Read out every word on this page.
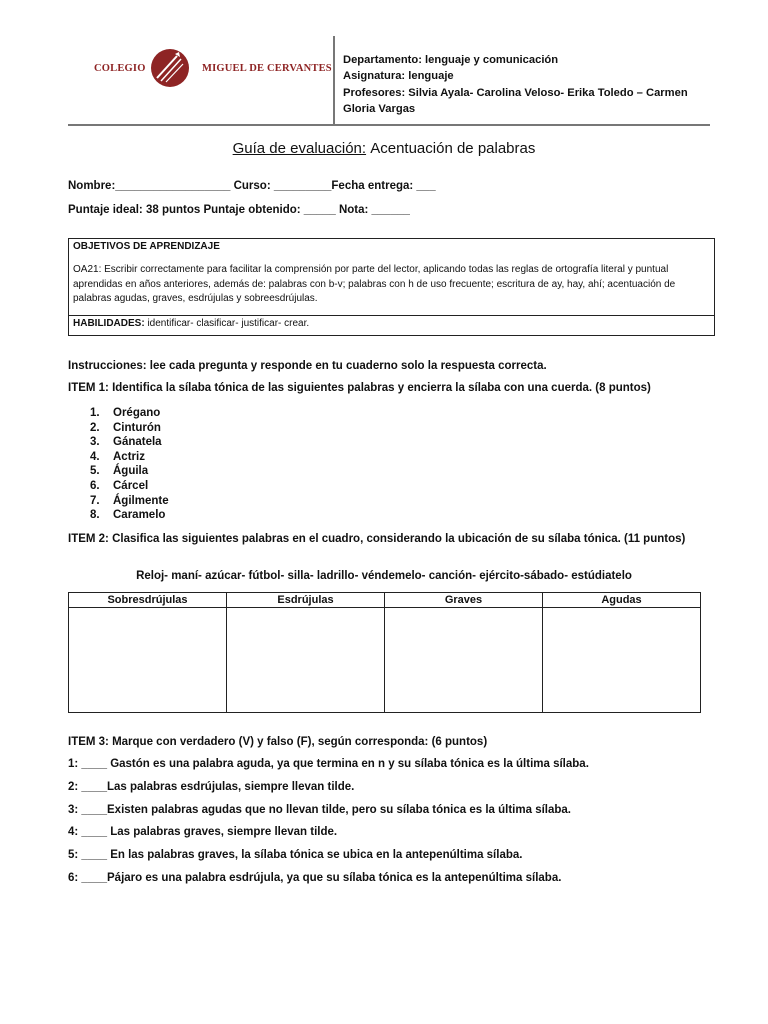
COLEGIO	MIGUEL DE CERVANTES
Departamento: lenguaje y comunicación
Asignatura: lenguaje
Profesores: Silvia Ayala- Carolina Veloso- Erika Toledo – Carmen Gloria Vargas
Guía de evaluación: Acentuación de palabras
Nombre:__________________ Curso: _________Fecha entrega: ___
Puntaje ideal: 38 puntos Puntaje obtenido: _____ Nota: ______
OBJETIVOS DE APRENDIZAJE
OA21: Escribir correctamente para facilitar la comprensión por parte del lector, aplicando todas las reglas de ortografía literal y puntual aprendidas en años anteriores, además de: palabras con b-v; palabras con h de uso frecuente; escritura de ay, hay, ahí; acentuación de palabras agudas, graves, esdrújulas y sobreesdrújulas.
HABILIDADES: identificar- clasificar- justificar- crear.
Instrucciones: lee cada pregunta y responde en tu cuaderno solo la respuesta correcta.
ITEM 1: Identifica la sílaba tónica de las siguientes palabras y encierra la sílaba con una cuerda. (8 puntos)
1.	Orégano
2.	Cinturón
3.	Gánatela
4.	Actriz
5.	Águila
6.	Cárcel
7.	Ágilmente
8.	Caramelo
ITEM 2: Clasifica las siguientes palabras en el cuadro, considerando la ubicación de su sílaba tónica. (11 puntos)
Reloj- maní- azúcar- fútbol- silla- ladrillo- véndemelo- canción- ejército-sábado- estúdiatelo
Sobresdrújulas	Esdrújulas	Graves	Agudas

ITEM 3: Marque con verdadero (V) y falso (F), según corresponda: (6 puntos)
1: ____ Gastón es una palabra aguda, ya que termina en n y su sílaba tónica es la última sílaba.
2: ____Las palabras esdrújulas, siempre llevan tilde.
3: ____Existen palabras agudas que no llevan tilde, pero su sílaba tónica es la última sílaba.
4: ____ Las palabras graves, siempre llevan tilde.
5: ____ En las palabras graves, la sílaba tónica se ubica en la antepenúltima sílaba.
6: ____Pájaro es una palabra esdrújula, ya que su sílaba tónica es la antepenúltima sílaba.
